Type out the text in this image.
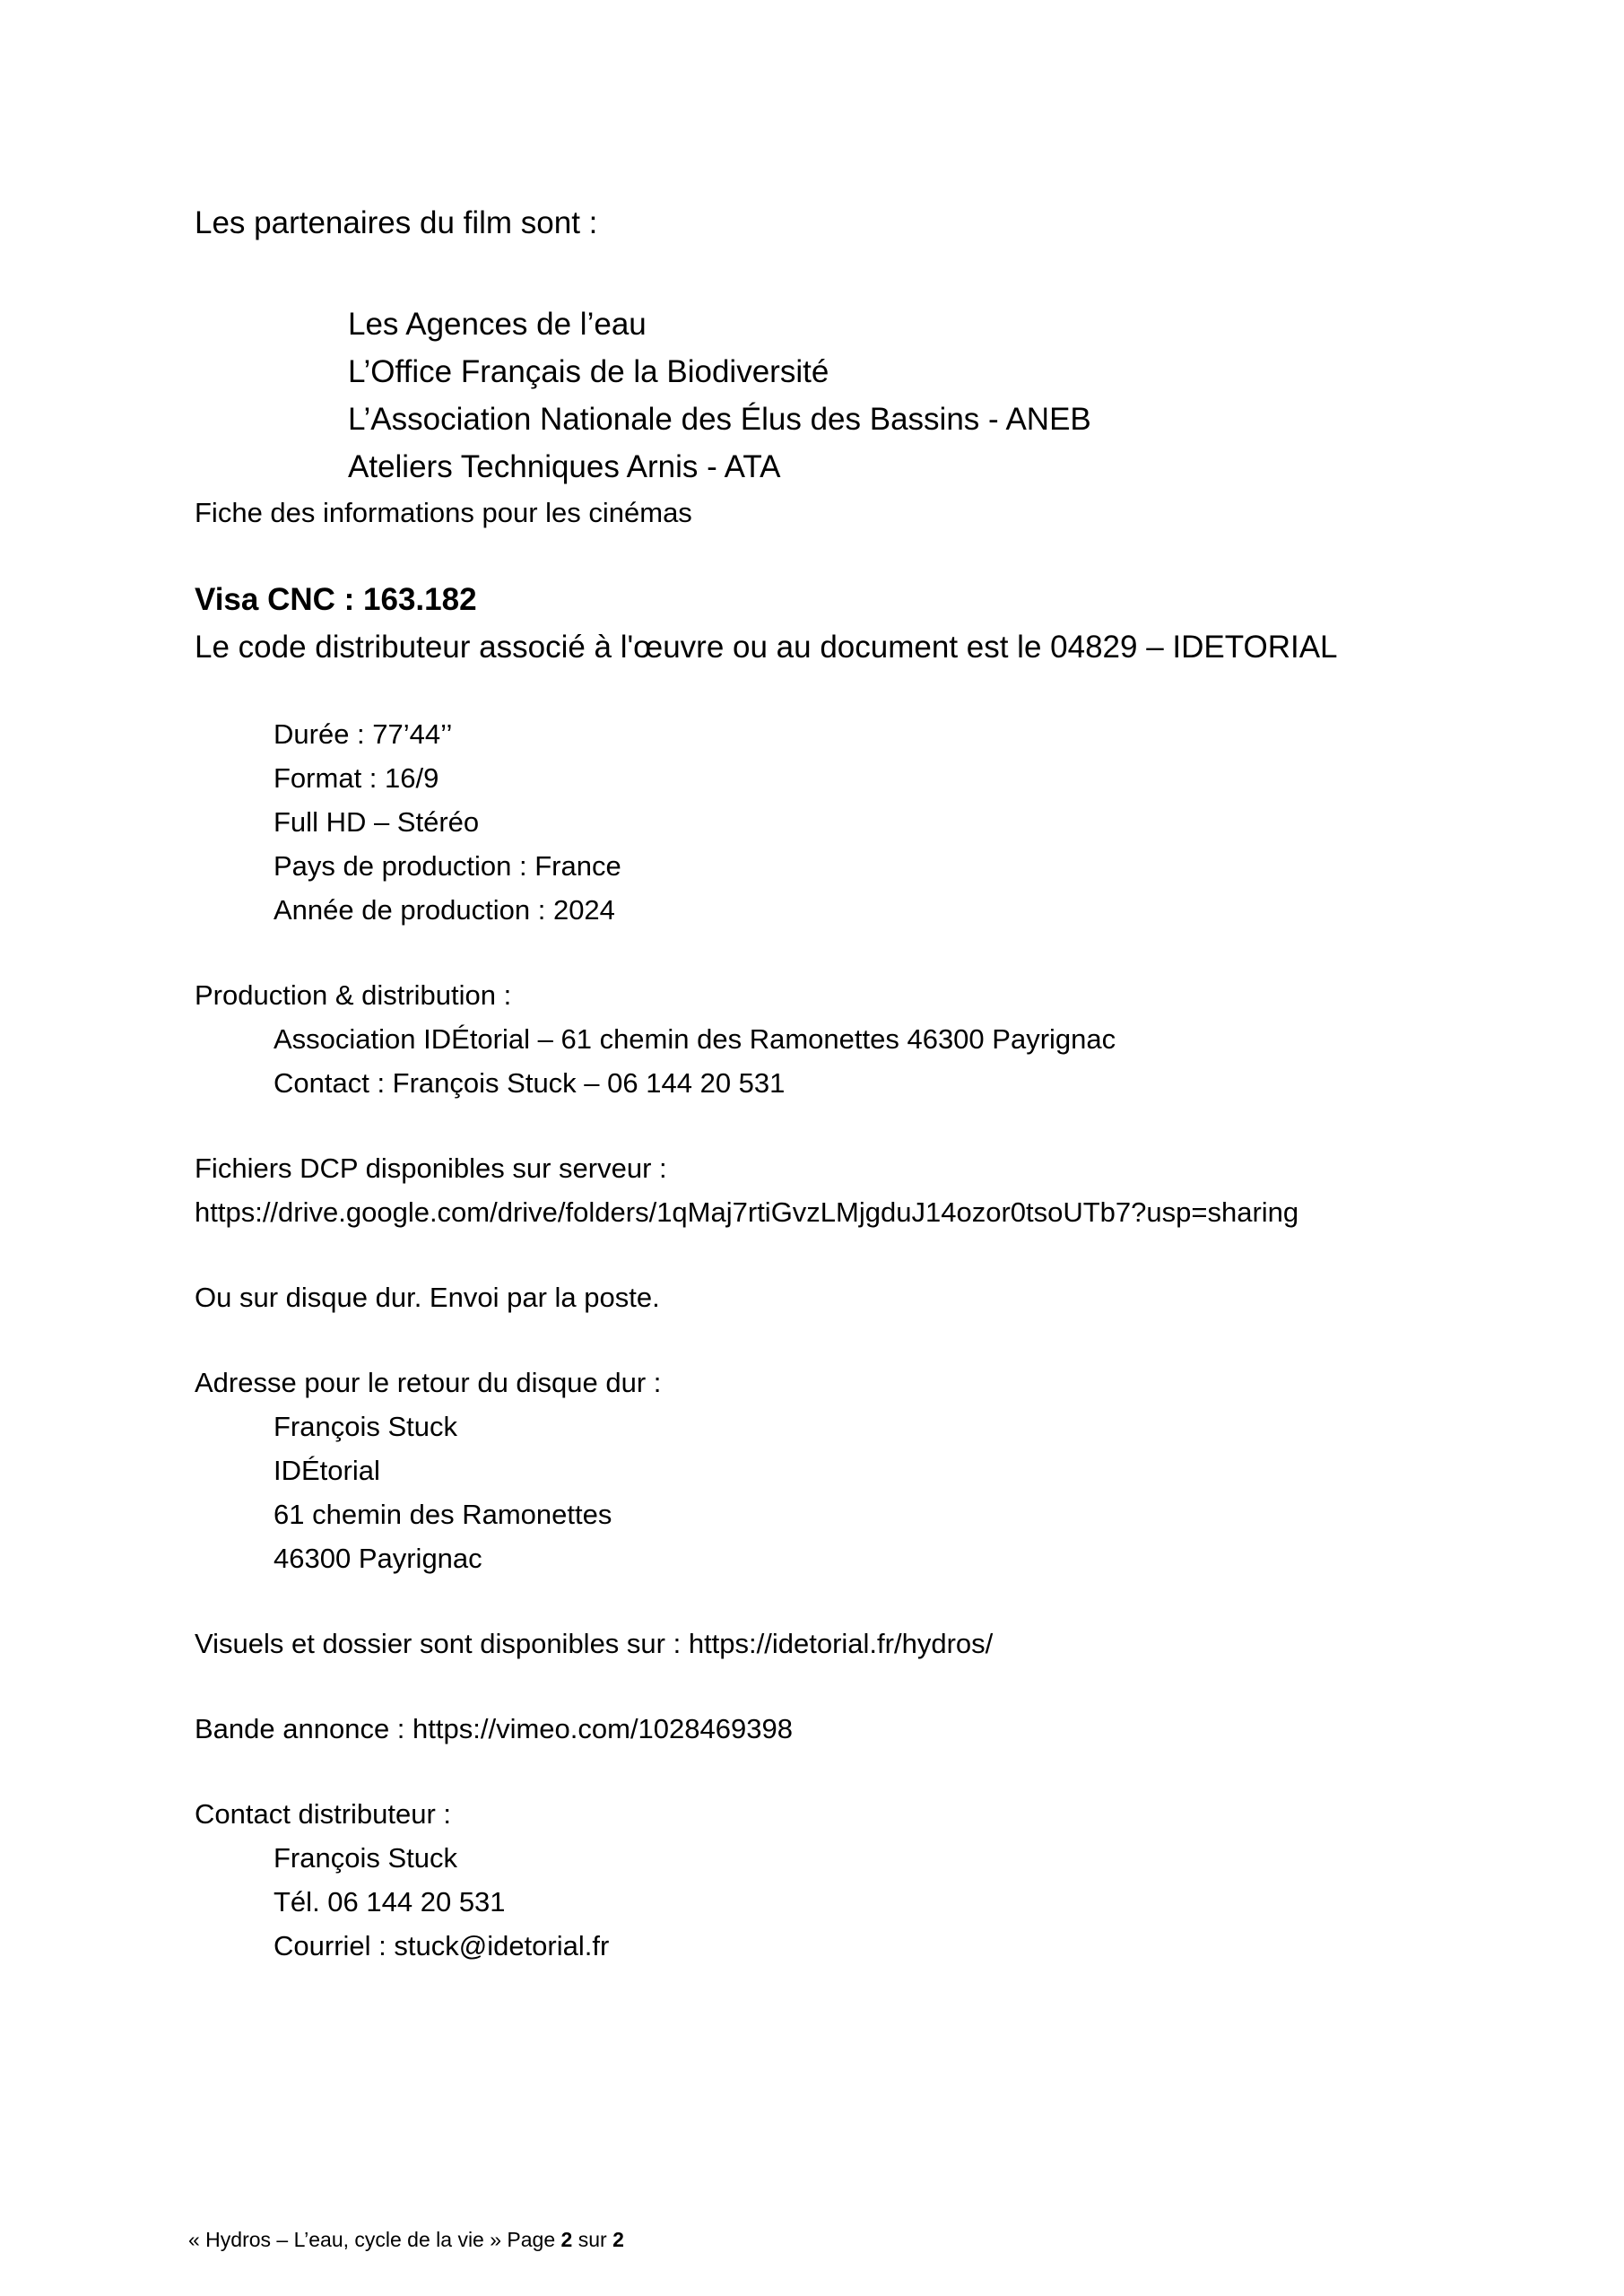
Les partenaires du film sont :

Les Agences de l’eau

L’Office Français de la Biodiversité

L’Association Nationale des Élus des Bassins - ANEB

Ateliers Techniques Arnis - ATA

Fiche des informations pour les cinémas

Visa CNC : 163.182

Le code distributeur associé à l'œuvre ou au document est le 04829 – IDETORIAL

Durée : 77’44’’

Format : 16/9

Full HD – Stéréo

Pays de production : France

Année de production : 2024

Production & distribution :

Association IDÉtorial – 61 chemin des Ramonettes 46300 Payrignac

Contact : François Stuck – 06 144 20 531

Fichiers DCP disponibles sur serveur :

https://drive.google.com/drive/folders/1qMaj7rtiGvzLMjgduJ14ozor0tsoUTb7?usp=sharing

Ou sur disque dur. Envoi par la poste.

Adresse pour le retour du disque dur :

François Stuck

IDÉtorial

61 chemin des Ramonettes

46300 Payrignac

Visuels et dossier sont disponibles sur : https://idetorial.fr/hydros/

Bande annonce : https://vimeo.com/1028469398

Contact distributeur :

François Stuck

Tél. 06 144 20 531

Courriel : stuck@idetorial.fr

« Hydros – L’eau, cycle de la vie » Page 2 sur 2
